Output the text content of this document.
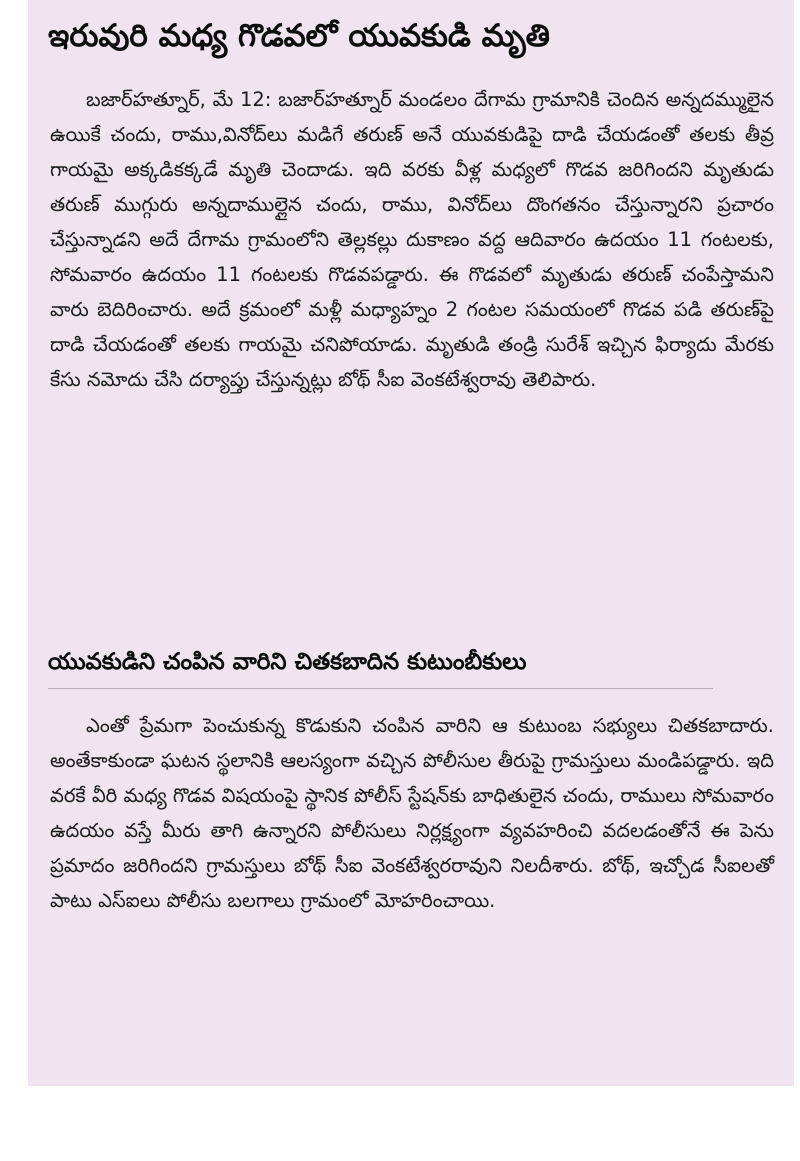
ఇరువురి మధ్య గొడవలో యువకుడి మృతి

బజార్‌హత్నూర్, మే 12: బజార్‌హత్నూర్ మండలం దేగామ గ్రామానికి చెందిన అన్నదమ్ములైన ఉయికే చందు, రాము,వినోద్‌లు మడిగే తరుణ్ అనే యువకుడిపై దాడి చేయడంతో తలకు తీవ్ర గాయమై అక్కడికక్కడే మృతి చెందాడు. ఇది వరకు వీళ్ల మధ్యలో గొడవ జరిగిందని మృతుడు తరుణ్ ముగ్గురు అన్నదాముల్లైన చందు, రాము, వినోద్‌లు దొంగతనం చేస్తున్నారని ప్రచారం చేస్తున్నాడని అదే దేగామ గ్రామంలోని తెల్లకల్లు దుకాణం వద్ద ఆదివారం ఉదయం 11 గంటలకు, సోమవారం ఉదయం 11 గంటలకు గొడవపడ్డారు. ఈ గొడవలో మృతుడు తరుణ్ చంపేస్తామని వారు బెదిరించారు. అదే క్రమంలో మళ్లీ మధ్యాహ్నం 2 గంటల సమయంలో గొడవ పడి తరుణ్‌పై దాడి చేయడంతో తలకు గాయమై చనిపోయాడు. మృతుడి తండ్రి సురేశ్ ఇచ్చిన ఫిర్యాదు మేరకు కేసు నమోదు చేసి దర్యాప్తు చేస్తున్నట్లు బోథ్ సీఐ వెంకటేశ్వరావు తెలిపారు.

యువకుడిని చంపిన వారిని చితకబాదిన కుటుంబీకులు

ఎంతో ప్రేమగా పెంచుకున్న కొడుకుని చంపిన వారిని ఆ కుటుంబ సభ్యులు చితకబాదారు. అంతేకాకుండా ఘటన స్థలానికి ఆలస్యంగా వచ్చిన పోలీసుల తీరుపై గ్రామస్తులు మండిపడ్డారు. ఇది వరకే వీరి మధ్య గొడవ విషయంపై స్థానిక పోలీస్ స్టేషన్‌కు బాధితులైన చందు, రాములు సోమవారం ఉదయం వస్తే మీరు తాగి ఉన్నారని పోలీసులు నిర్లక్ష్యంగా వ్యవహరించి వదలడంతోనే ఈ పెను ప్రమాదం జరిగిందని గ్రామస్తులు బోథ్ సీఐ వెంకటేశ్వరరావుని నిలదీశారు. బోథ్, ఇచ్చోడ సీఐలతో పాటు ఎస్ఐలు పోలీసు బలగాలు గ్రామంలో మోహరించాయి.
